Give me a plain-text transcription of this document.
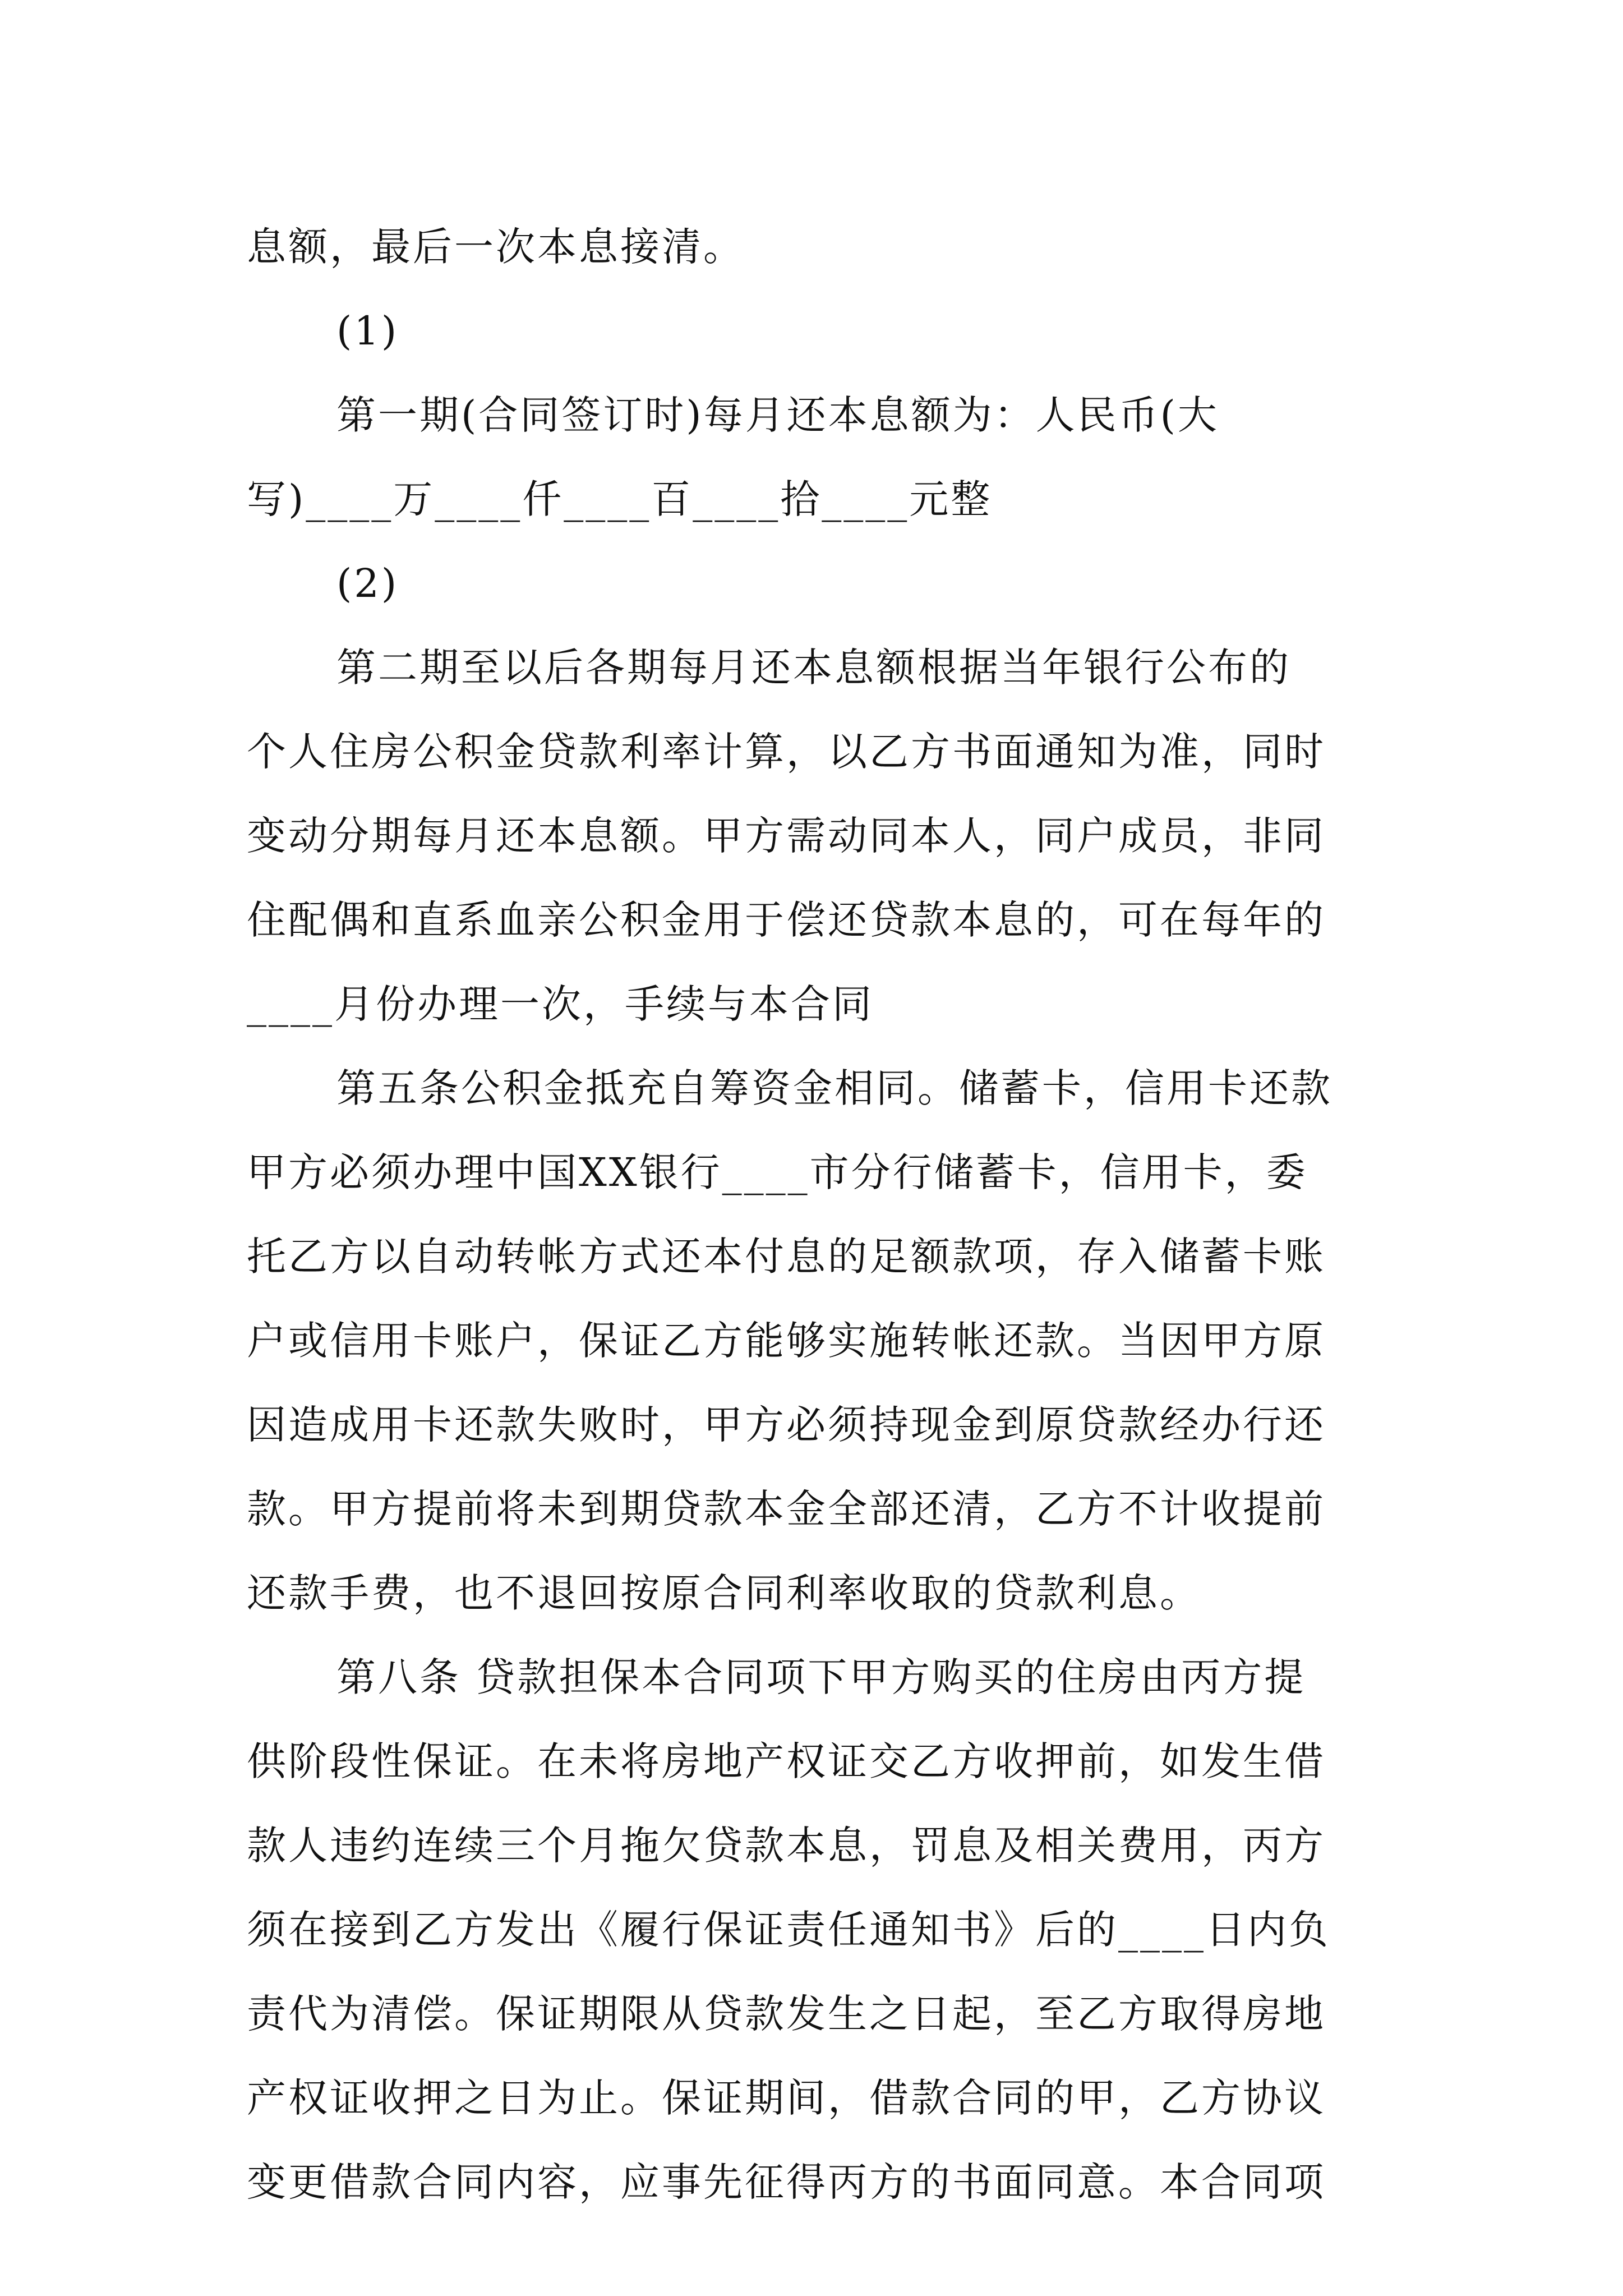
息额，最后一次本息接清。
(1)
第一期(合同签订时)每月还本息额为：人民币(大
写)____万____仟____百____拾____元整
(2)
第二期至以后各期每月还本息额根据当年银行公布的
个人住房公积金贷款利率计算，以乙方书面通知为准，同时
变动分期每月还本息额。甲方需动同本人，同户成员，非同
住配偶和直系血亲公积金用于偿还贷款本息的，可在每年的
____月份办理一次，手续与本合同
第五条公积金抵充自筹资金相同。储蓄卡，信用卡还款
甲方必须办理中国XX银行____市分行储蓄卡，信用卡，委
托乙方以自动转帐方式还本付息的足额款项，存入储蓄卡账
户或信用卡账户，保证乙方能够实施转帐还款。当因甲方原
因造成用卡还款失败时，甲方必须持现金到原贷款经办行还
款。甲方提前将未到期贷款本金全部还清，乙方不计收提前
还款手费，也不退回按原合同利率收取的贷款利息。
第八条 贷款担保本合同项下甲方购买的住房由丙方提
供阶段性保证。在未将房地产权证交乙方收押前，如发生借
款人违约连续三个月拖欠贷款本息，罚息及相关费用，丙方
须在接到乙方发出《履行保证责任通知书》后的____日内负
责代为清偿。保证期限从贷款发生之日起，至乙方取得房地
产权证收押之日为止。保证期间，借款合同的甲，乙方协议
变更借款合同内容，应事先征得丙方的书面同意。本合同项
